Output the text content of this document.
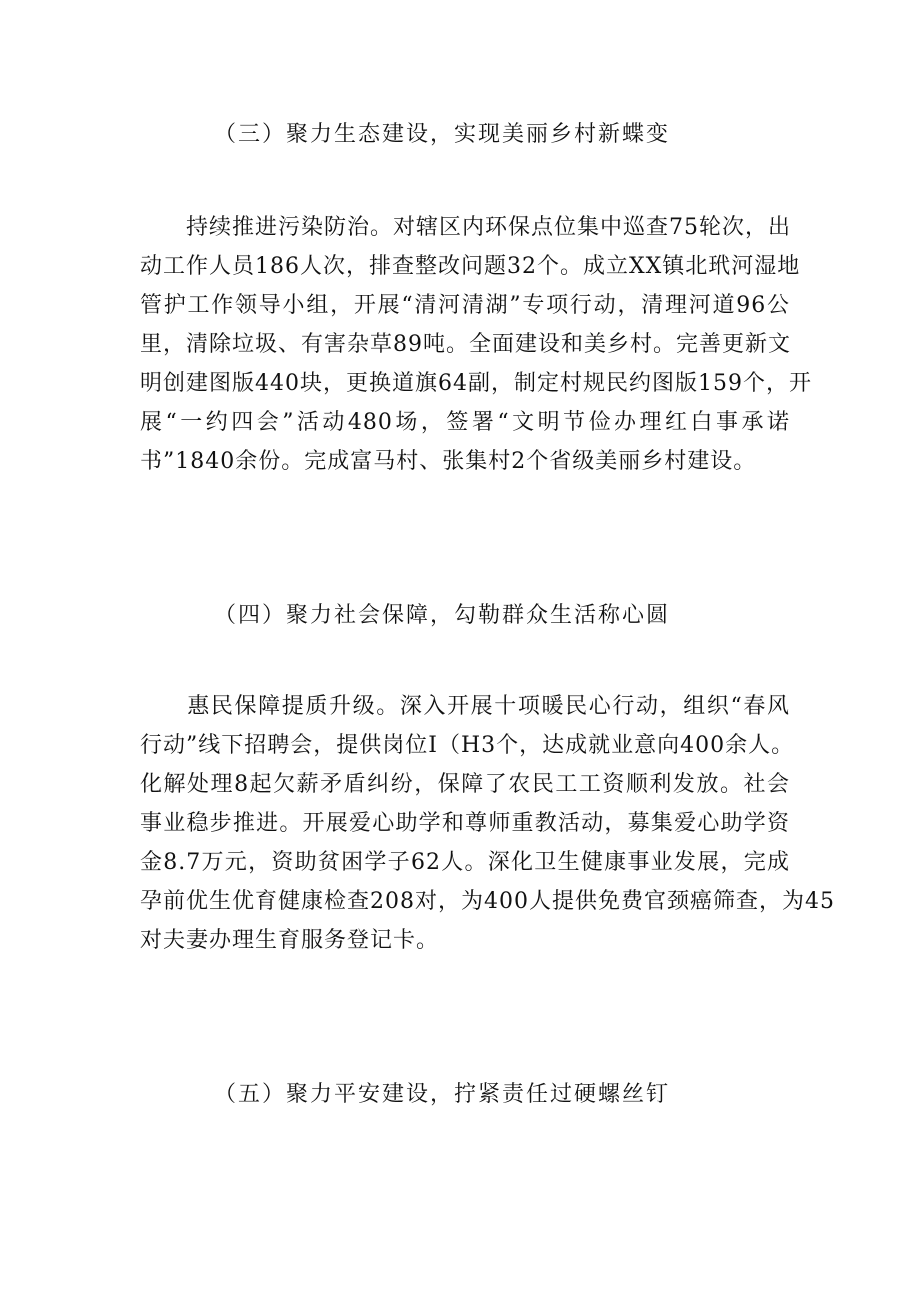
（三）聚力生态建设，实现美丽乡村新蝶变
　　持续推进污染防治。对辖区内环保点位集中巡查75轮次，出
动工作人员186人次，排查整改问题32个。成立XX镇北玳河湿地
管护工作领导小组，开展“清河清湖”专项行动，清理河道96公
里，清除垃圾、有害杂草89吨。全面建设和美乡村。完善更新文
明创建图版440块，更换道旗64副，制定村规民约图版159个，开
展“一约四会”活动480场，签署“文明节俭办理红白事承诺
书”1840余份。完成富马村、张集村2个省级美丽乡村建设。
（四）聚力社会保障，勾勒群众生活称心圆
　　惠民保障提质升级。深入开展十项暖民心行动，组织“春风
行动”线下招聘会，提供岗位I（H3个，达成就业意向400余人。
化解处理8起欠薪矛盾纠纷，保障了农民工工资顺利发放。社会
事业稳步推进。开展爱心助学和尊师重教活动，募集爱心助学资
金8.7万元，资助贫困学子62人。深化卫生健康事业发展，完成
孕前优生优育健康检查208对，为400人提供免费官颈癌筛查，为45
对夫妻办理生育服务登记卡。
（五）聚力平安建设，拧紧责任过硬螺丝钉
